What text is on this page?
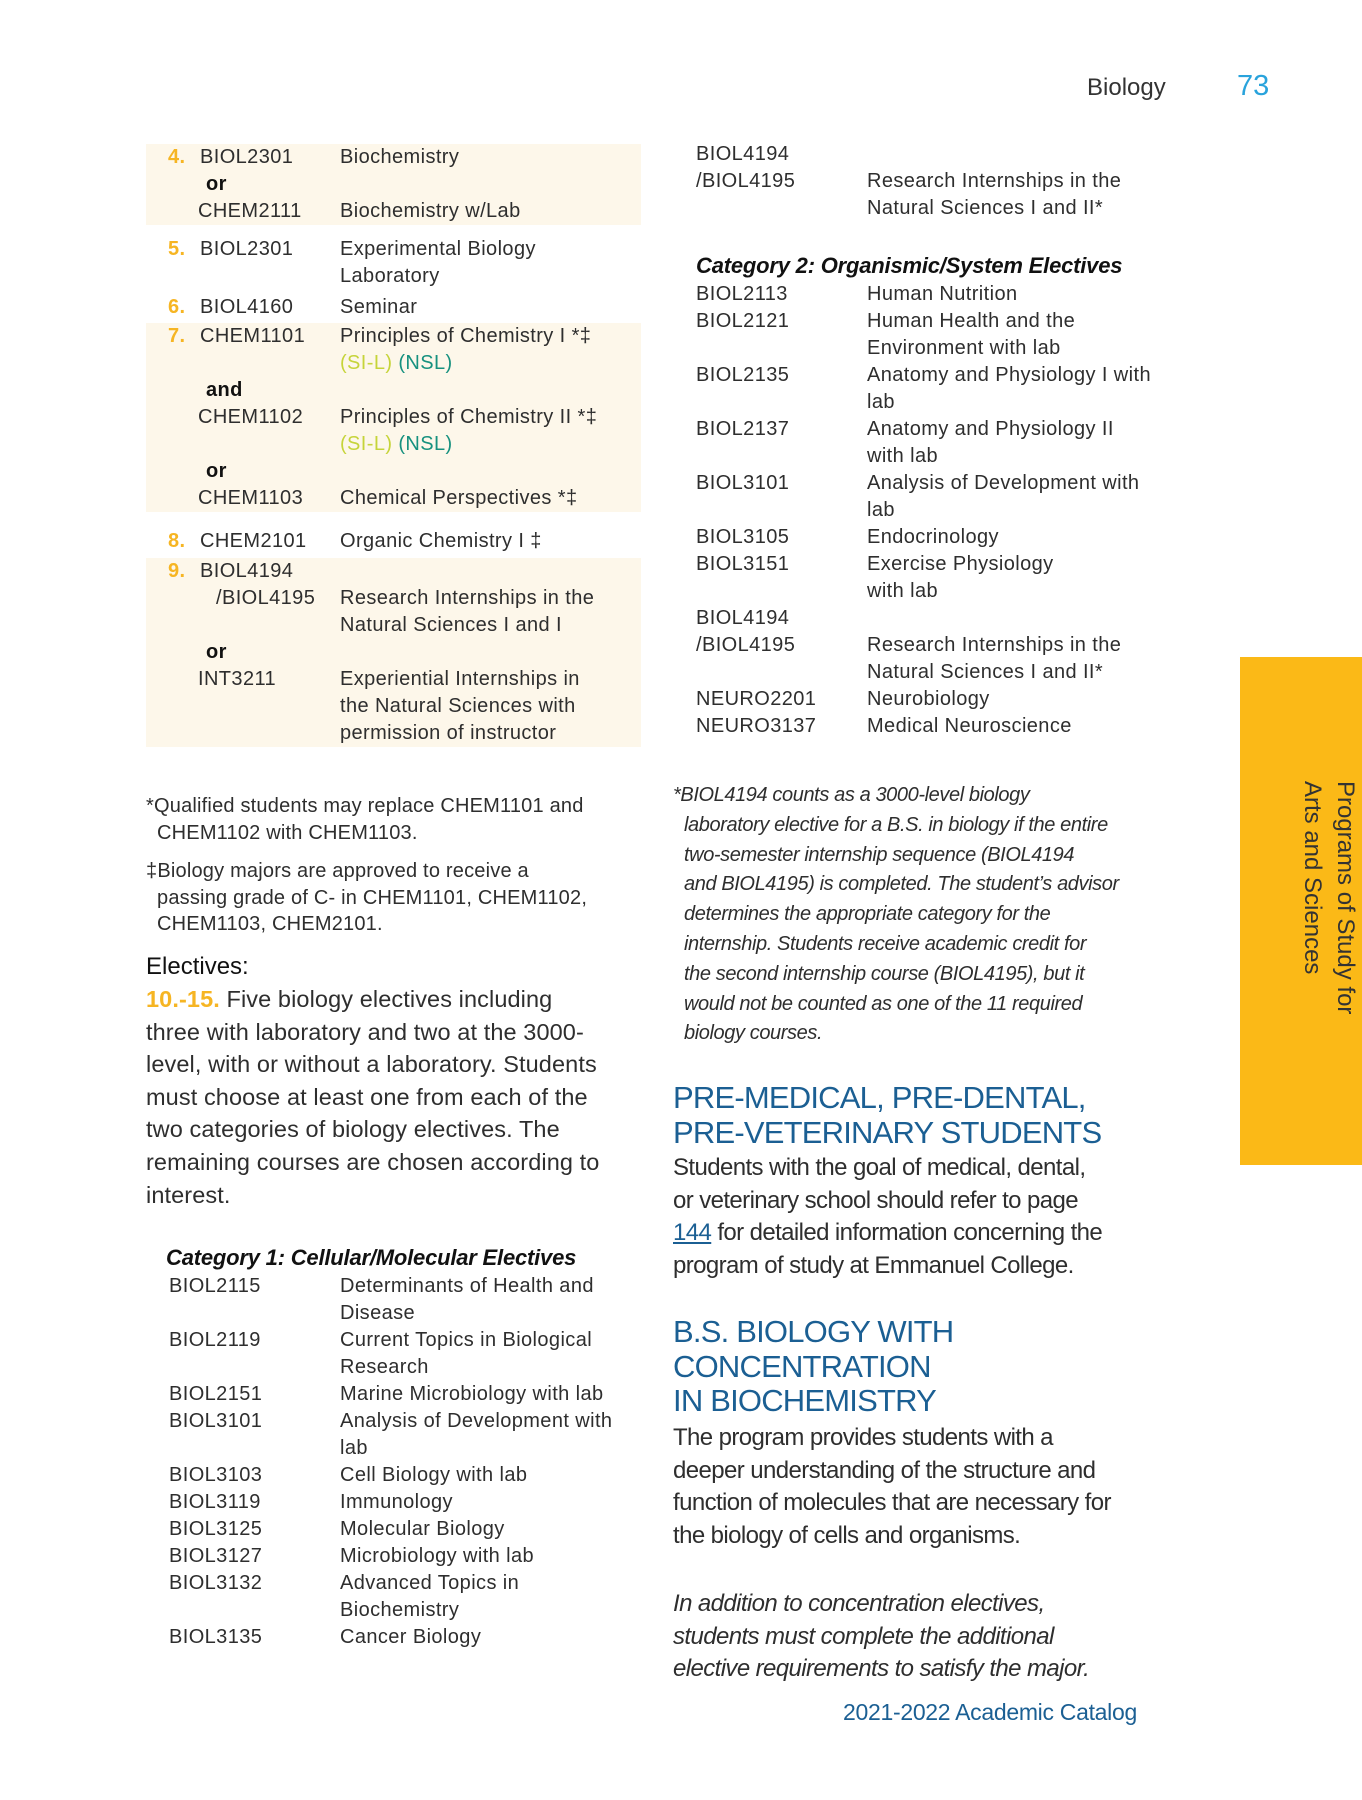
Biology 73
Programs of Study for
Arts and Sciences
4. BIOL2301 Biochemistry
or
CHEM2111 Biochemistry w/Lab
5. BIOL2301 Experimental Biology
Laboratory
6. BIOL4160 Seminar
7. CHEM1101 Principles of Chemistry I *‡
(SI-L) (NSL)
and
CHEM1102 Principles of Chemistry II *‡
(SI-L) (NSL)
or
CHEM1103 Chemical Perspectives *‡
8. CHEM2101 Organic Chemistry I ‡
9. BIOL4194
/BIOL4195 Research Internships in the
Natural Sciences I and I
or
INT3211	Experiential Internships in
the Natural Sciences with
permission of instructor
*Qualified students may replace CHEM1101 and
CHEM1102 with CHEM1103.
‡Biology majors are approved to receive a
passing grade of C- in CHEM1101, CHEM1102,
CHEM1103, CHEM2101.
Electives:
10.-15. Five biology electives including
three with laboratory and two at the 3000-
level, with or without a laboratory. Students
must choose at least one from each of the
two categories of biology electives. The
remaining courses are chosen according to
interest.
Category 1: Cellular/Molecular Electives
BIOL2115	Determinants of Health and
Disease
BIOL2119	Current Topics in Biological
Research
BIOL2151	Marine Microbiology with lab
BIOL3101	Analysis of Development with
lab
BIOL3103	Cell Biology with lab
BIOL3119	Immunology
BIOL3125	Molecular Biology
BIOL3127	Microbiology with lab
BIOL3132	Advanced Topics in
Biochemistry
BIOL3135	Cancer Biology
BIOL4194
/BIOL4195	Research Internships in the
Natural Sciences I and II*
Category 2: Organismic/System Electives
BIOL2113	Human Nutrition
BIOL2121	Human Health and the
Environment with lab
BIOL2135	Anatomy and Physiology I with
lab
BIOL2137	Anatomy and Physiology II
with lab
BIOL3101	Analysis of Development with
lab
BIOL3105	Endocrinology
BIOL3151	Exercise Physiology
with lab
BIOL4194
/BIOL4195	Research Internships in the
Natural Sciences I and II*
NEURO2201	Neurobiology
NEURO3137	Medical Neuroscience
*BIOL4194 counts as a 3000-level biology
laboratory elective for a B.S. in biology if the entire
two-semester internship sequence (BIOL4194
and BIOL4195) is completed. The student’s advisor
determines the appropriate category for the
internship. Students receive academic credit for
the second internship course (BIOL4195), but it
would not be counted as one of the 11 required
biology courses.
PRE-MEDICAL, PRE-DENTAL,
PRE-VETERINARY STUDENTS
Students with the goal of medical, dental,
or veterinary school should refer to page
144 for detailed information concerning the
program of study at Emmanuel College.
B.S. BIOLOGY WITH
CONCENTRATION
IN BIOCHEMISTRY
The program provides students with a
deeper understanding of the structure and
function of molecules that are necessary for
the biology of cells and organisms.
In addition to concentration electives,
students must complete the additional
elective requirements to satisfy the major.
2021-2022 Academic Catalog
